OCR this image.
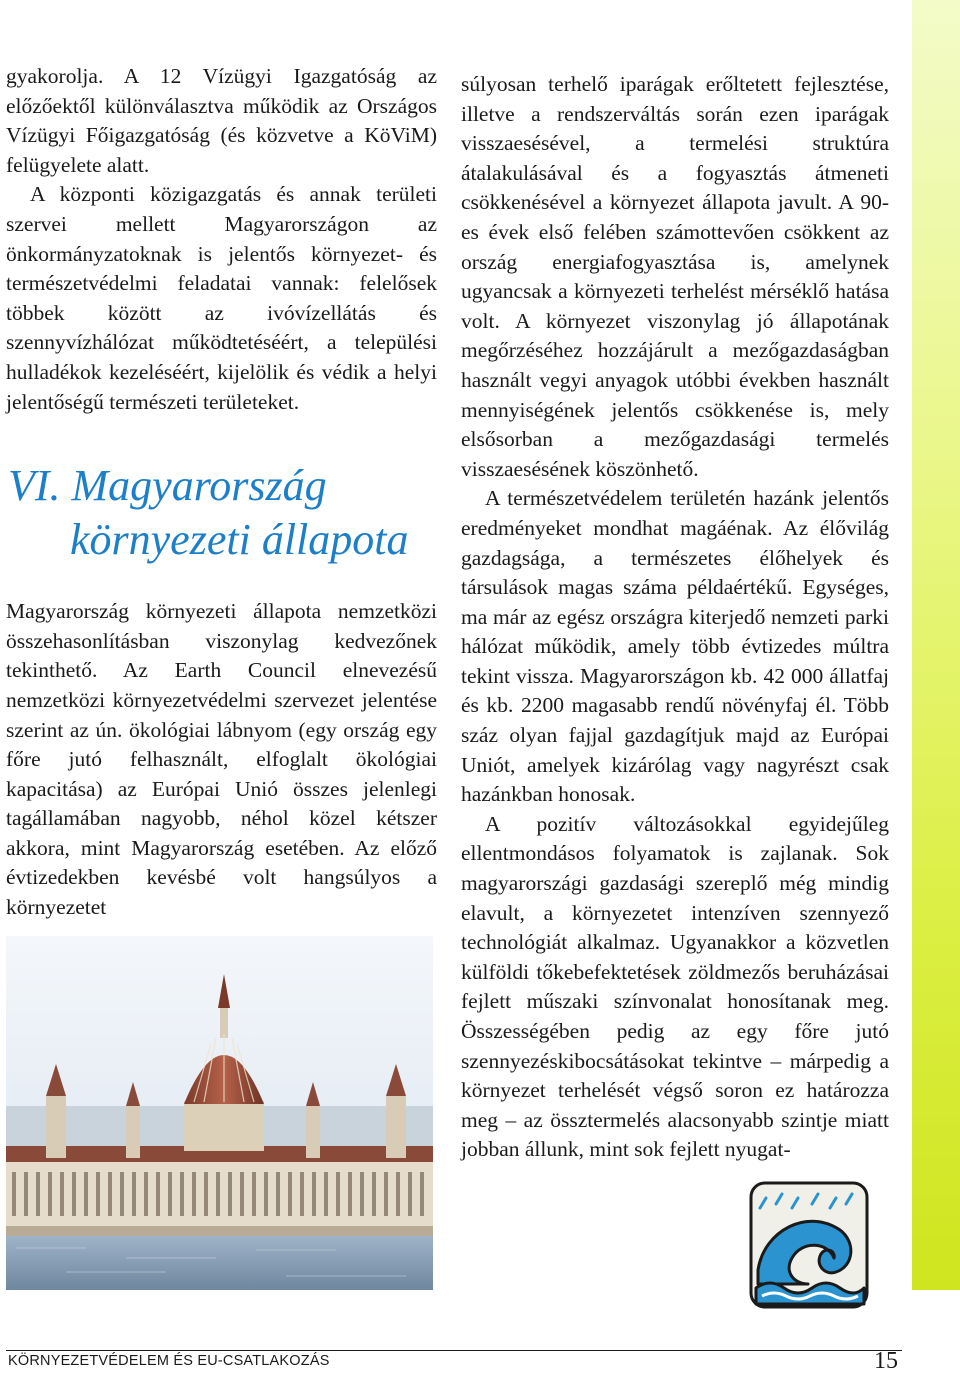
gyakorolja. A 12 Vízügyi Igazgatóság az előzőektől különválasztva működik az Országos Vízügyi Főigazgatóság (és közvetve a KöViM) felügyelete alatt.

A központi közigazgatás és annak területi szervei mellett Magyarországon az önkormányzatoknak is jelentős környezet- és természetvédelmi feladatai vannak: felelősek többek között az ivóvízellátás és szennyvízhálózat működtetéséért, a települési hulladékok kezeléséért, kijelölik és védik a helyi jelentőségű természeti területeket.

VI. Magyarország
környezeti állapota

Magyarország környezeti állapota nemzetközi összehasonlításban viszonylag kedvezőnek tekinthető. Az Earth Council elnevezésű nemzetközi környezetvédelmi szervezet jelentése szerint az ún. ökológiai lábnyom (egy ország egy főre jutó felhasznált, elfoglalt ökológiai kapacitása) az Európai Unió összes jelenlegi tagállamában nagyobb, néhol közel kétszer akkora, mint Magyarország esetében. Az előző évtizedekben kevésbé volt hangsúlyos a környezetet

súlyosan terhelő iparágak erőltetett fejlesztése, illetve a rendszerváltás során ezen iparágak visszaesésével, a termelési struktúra átalakulásával és a fogyasztás átmeneti csökkenésével a környezet állapota javult. A 90-es évek első felében számottevően csökkent az ország energiafogyasztása is, amelynek ugyancsak a környezeti terhelést mérséklő hatása volt. A környezet viszonylag jó állapotának megőrzéséhez hozzájárult a mezőgazdaságban használt vegyi anyagok utóbbi években használt mennyiségének jelentős csökkenése is, mely elsősorban a mezőgazdasági termelés visszaesésének köszönhető.

A természetvédelem területén hazánk jelentős eredményeket mondhat magáénak. Az élővilág gazdagsága, a természetes élőhelyek és társulások magas száma példaértékű. Egységes, ma már az egész országra kiterjedő nemzeti parki hálózat működik, amely több évtizedes múltra tekint vissza. Magyarországon kb. 42 000 állatfaj és kb. 2200 magasabb rendű növényfaj él. Több száz olyan fajjal gazdagítjuk majd az Európai Uniót, amelyek kizárólag vagy nagyrészt csak hazánkban honosak.

A pozitív változásokkal egyidejűleg ellentmondásos folyamatok is zajlanak. Sok magyarországi gazdasági szereplő még mindig elavult, a környezetet intenzíven szennyező technológiát alkalmaz. Ugyanakkor a közvetlen külföldi tőkebefektetések zöldmezős beruházásai fejlett műszaki színvonalat honosítanak meg. Összességében pedig az egy főre jutó szennyezéskibocsátásokat tekintve – márpedig a környezet terhelését végső soron ez határozza meg – az össztermelés alacsonyabb szintje miatt jobban állunk, mint sok fejlett nyugat-

KÖRNYEZETVÉDELEM ÉS EU-CSATLAKOZÁS	15
